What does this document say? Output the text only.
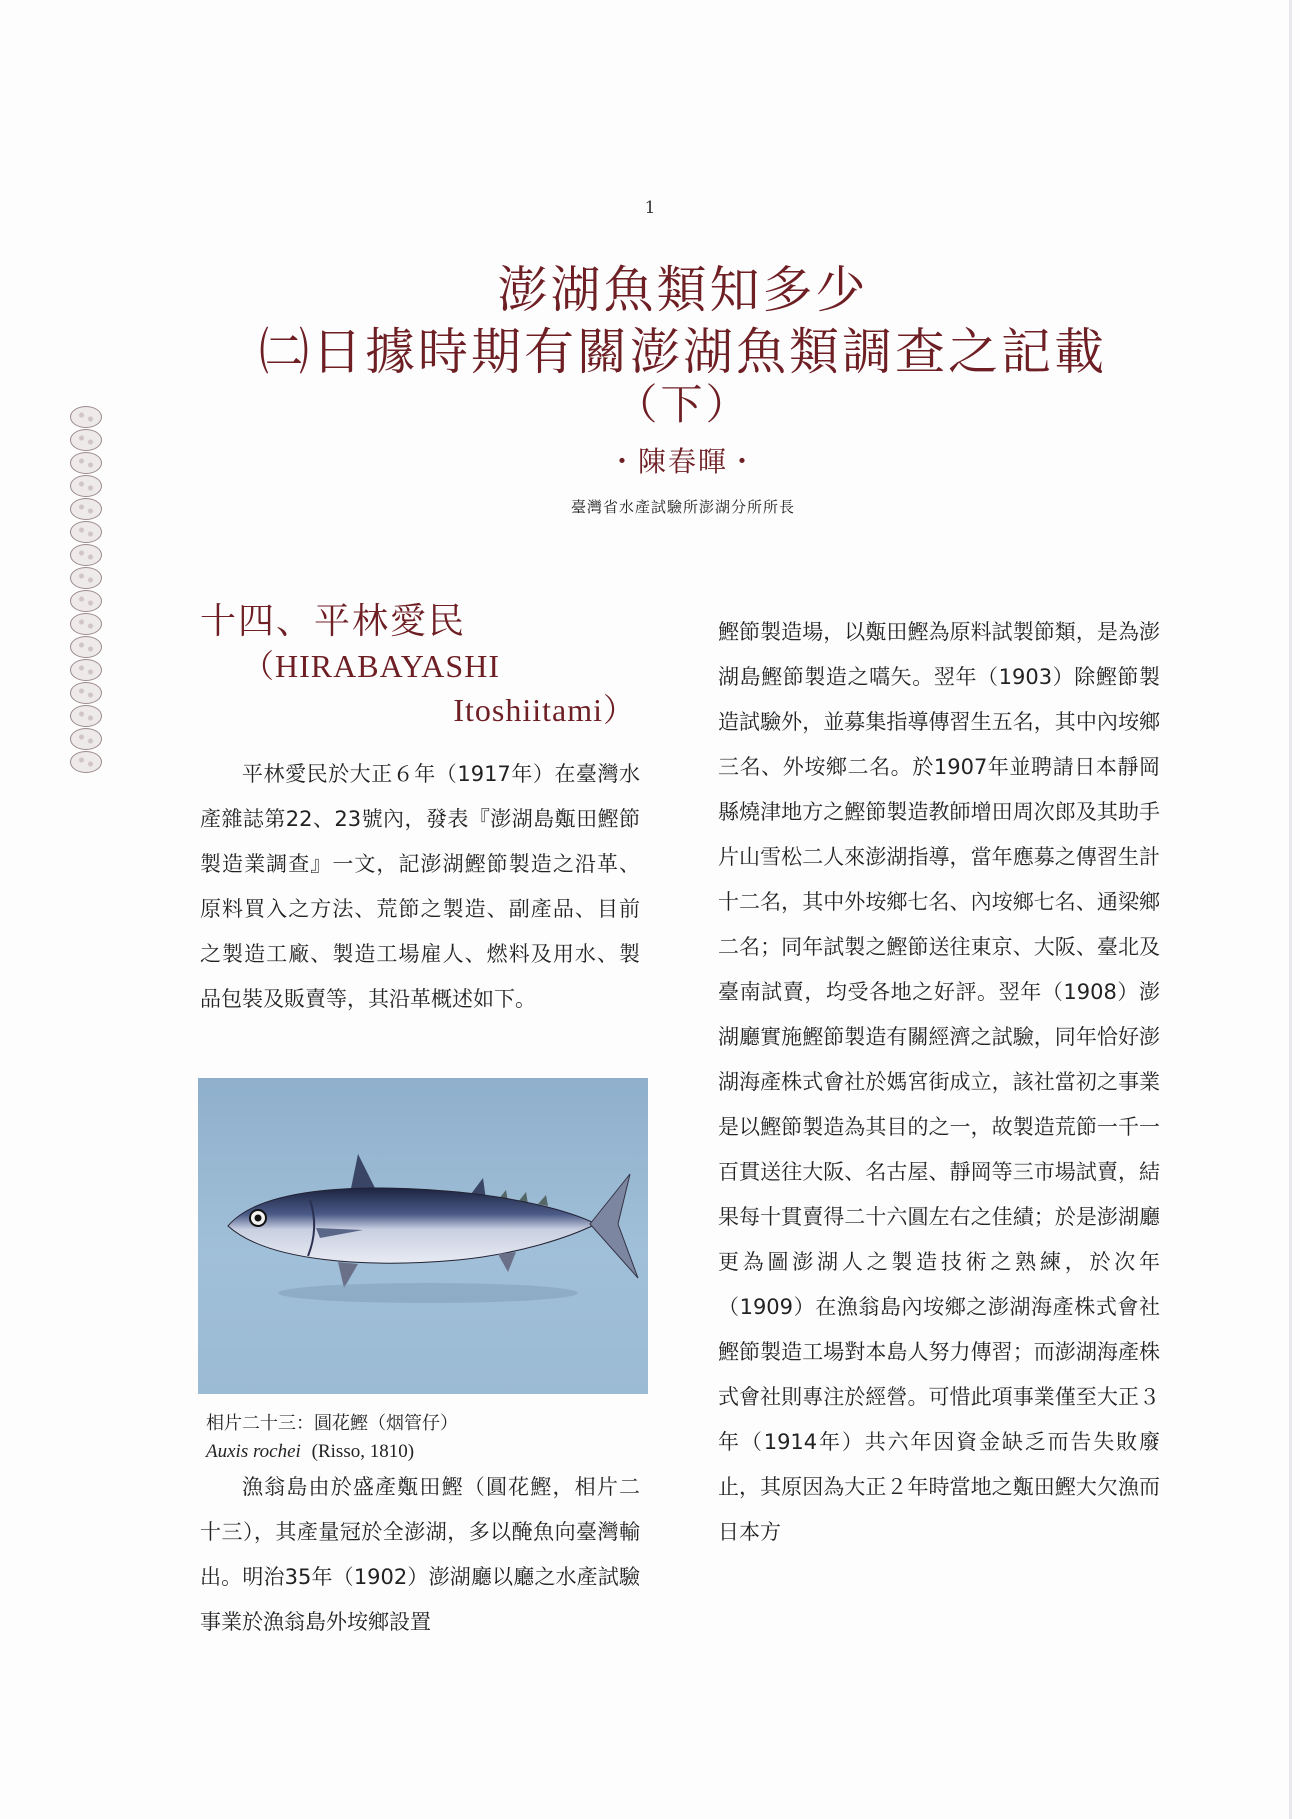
1
澎湖魚類知多少
㈡日據時期有關澎湖魚類調查之記載
（下）
・陳春暉・
臺灣省水產試驗所澎湖分所所長
十四、平林愛民
（HIRABAYASHI
Itoshiitami）

平林愛民於大正６年（1917年）在臺灣水產雜誌第22、23號內，發表『澎湖島㽀田鰹節製造業調查』一文，記澎湖鰹節製造之沿革、原料買入之方法、荒節之製造、副產品、目前之製造工廠、製造工場雇人、燃料及用水、製品包裝及販賣等，其沿革概述如下。

相片二十三：圓花鰹（烟管仔）
Auxis rochei (Risso, 1810)

漁翁島由於盛產㽀田鰹（圓花鰹，相片二十三），其產量冠於全澎湖，多以醃魚向臺灣輸出。明治35年（1902）澎湖廳以廳之水產試驗事業於漁翁島外垵鄉設置

鰹節製造場，以㽀田鰹為原料試製節類，是為澎湖島鰹節製造之嚆矢。翌年（1903）除鰹節製造試驗外，並募集指導傳習生五名，其中內垵鄉三名、外垵鄉二名。於1907年並聘請日本靜岡縣燒津地方之鰹節製造教師增田周次郎及其助手片山雪松二人來澎湖指導，當年應募之傳習生計十二名，其中外垵鄉七名、內垵鄉七名、通梁鄉二名；同年試製之鰹節送往東京、大阪、臺北及臺南試賣，均受各地之好評。翌年（1908）澎湖廳實施鰹節製造有關經濟之試驗，同年恰好澎湖海產株式會社於媽宮街成立，該社當初之事業是以鰹節製造為其目的之一，故製造荒節一千一百貫送往大阪、名古屋、靜岡等三市場試賣，結果每十貫賣得二十六圓左右之佳績；於是澎湖廳更為圖澎湖人之製造技術之熟練，於次年（1909）在漁翁島內垵鄉之澎湖海產株式會社鰹節製造工場對本島人努力傳習；而澎湖海產株式會社則專注於經營。可惜此項事業僅至大正３年（1914年）共六年因資金缺乏而告失敗廢止，其原因為大正２年時當地之㽀田鰹大欠漁而日本方
